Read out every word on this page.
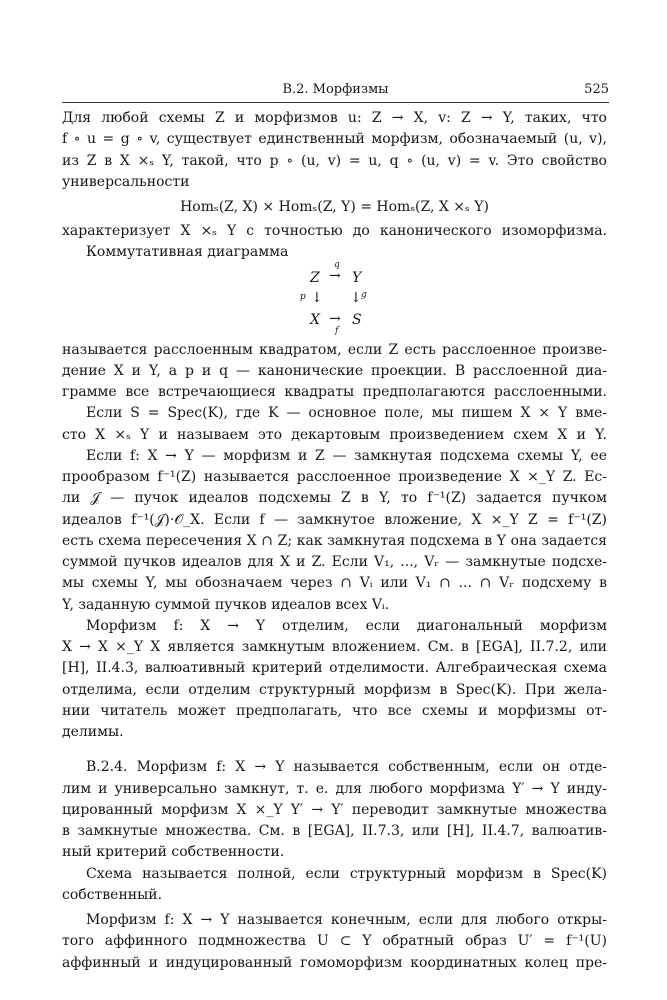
В.2. Морфизмы	525
Для любой схемы Z и морфизмов u: Z → X, v: Z → Y, таких, что
f ∘ u = g ∘ v, существует единственный морфизм, обозначаемый (u, v),
из Z в X ×ₛ Y, такой, что p ∘ (u, v) = u, q ∘ (u, v) = v. Это свойство
универсальности
Homₛ(Z, X) × Homₛ(Z, Y) = Homₛ(Z, X ×ₛ Y)
характеризует X ×ₛ Y с точностью до канонического изоморфизма.
Коммутативная диаграмма
Z →
q
Y
p ↓ ↓ g
X →
f
S
называется расслоенным квадратом, если Z есть расслоенное произве-
дение X и Y, а p и q — канонические проекции. В расслоенной диа-
грамме все встречающиеся квадраты предполагаются расслоенными.
Если S = Spec(K), где K — основное поле, мы пишем X × Y вме-
сто X ×ₛ Y и называем это декартовым произведением схем X и Y.
Если f: X → Y — морфизм и Z — замкнутая подсхема схемы Y, ее
прообразом f⁻¹(Z) называется расслоенное произведение X ×_Y Z. Ес-
ли 𝒥 — пучок идеалов подсхемы Z в Y, то f⁻¹(Z) задается пучком
идеалов f⁻¹(𝒥)·𝒪_X. Если f — замкнутое вложение, X ×_Y Z = f⁻¹(Z)
есть схема пересечения X ∩ Z; как замкнутая подсхема в Y она задается
суммой пучков идеалов для X и Z. Если V₁, ..., Vᵣ — замкнутые подсхе-
мы схемы Y, мы обозначаем через ∩ Vᵢ или V₁ ∩ ... ∩ Vᵣ подсхему в
Y, заданную суммой пучков идеалов всех Vᵢ.
Морфизм f: X → Y отделим, если диагональный морфизм
X → X ×_Y X является замкнутым вложением. См. в [EGA], II.7.2, или
[H], II.4.3, валюативный критерий отделимости. Алгебраическая схема
отделима, если отделим структурный морфизм в Spec(K). При жела-
нии читатель может предполагать, что все схемы и морфизмы от-
делимы.
B.2.4. Морфизм f: X → Y называется собственным, если он отде-
лим и универсально замкнут, т. е. для любого морфизма Y′ → Y инду-
цированный морфизм X ×_Y Y′ → Y′ переводит замкнутые множества
в замкнутые множества. См. в [EGA], II.7.3, или [H], II.4.7, валюатив-
ный критерий собственности.
Схема называется полной, если структурный морфизм в Spec(K)
собственный.
Морфизм f: X → Y называется конечным, если для любого откры-
того аффинного подмножества U ⊂ Y обратный образ U′ = f⁻¹(U)
аффинный и индуцированный гомоморфизм координатных колец пре-
